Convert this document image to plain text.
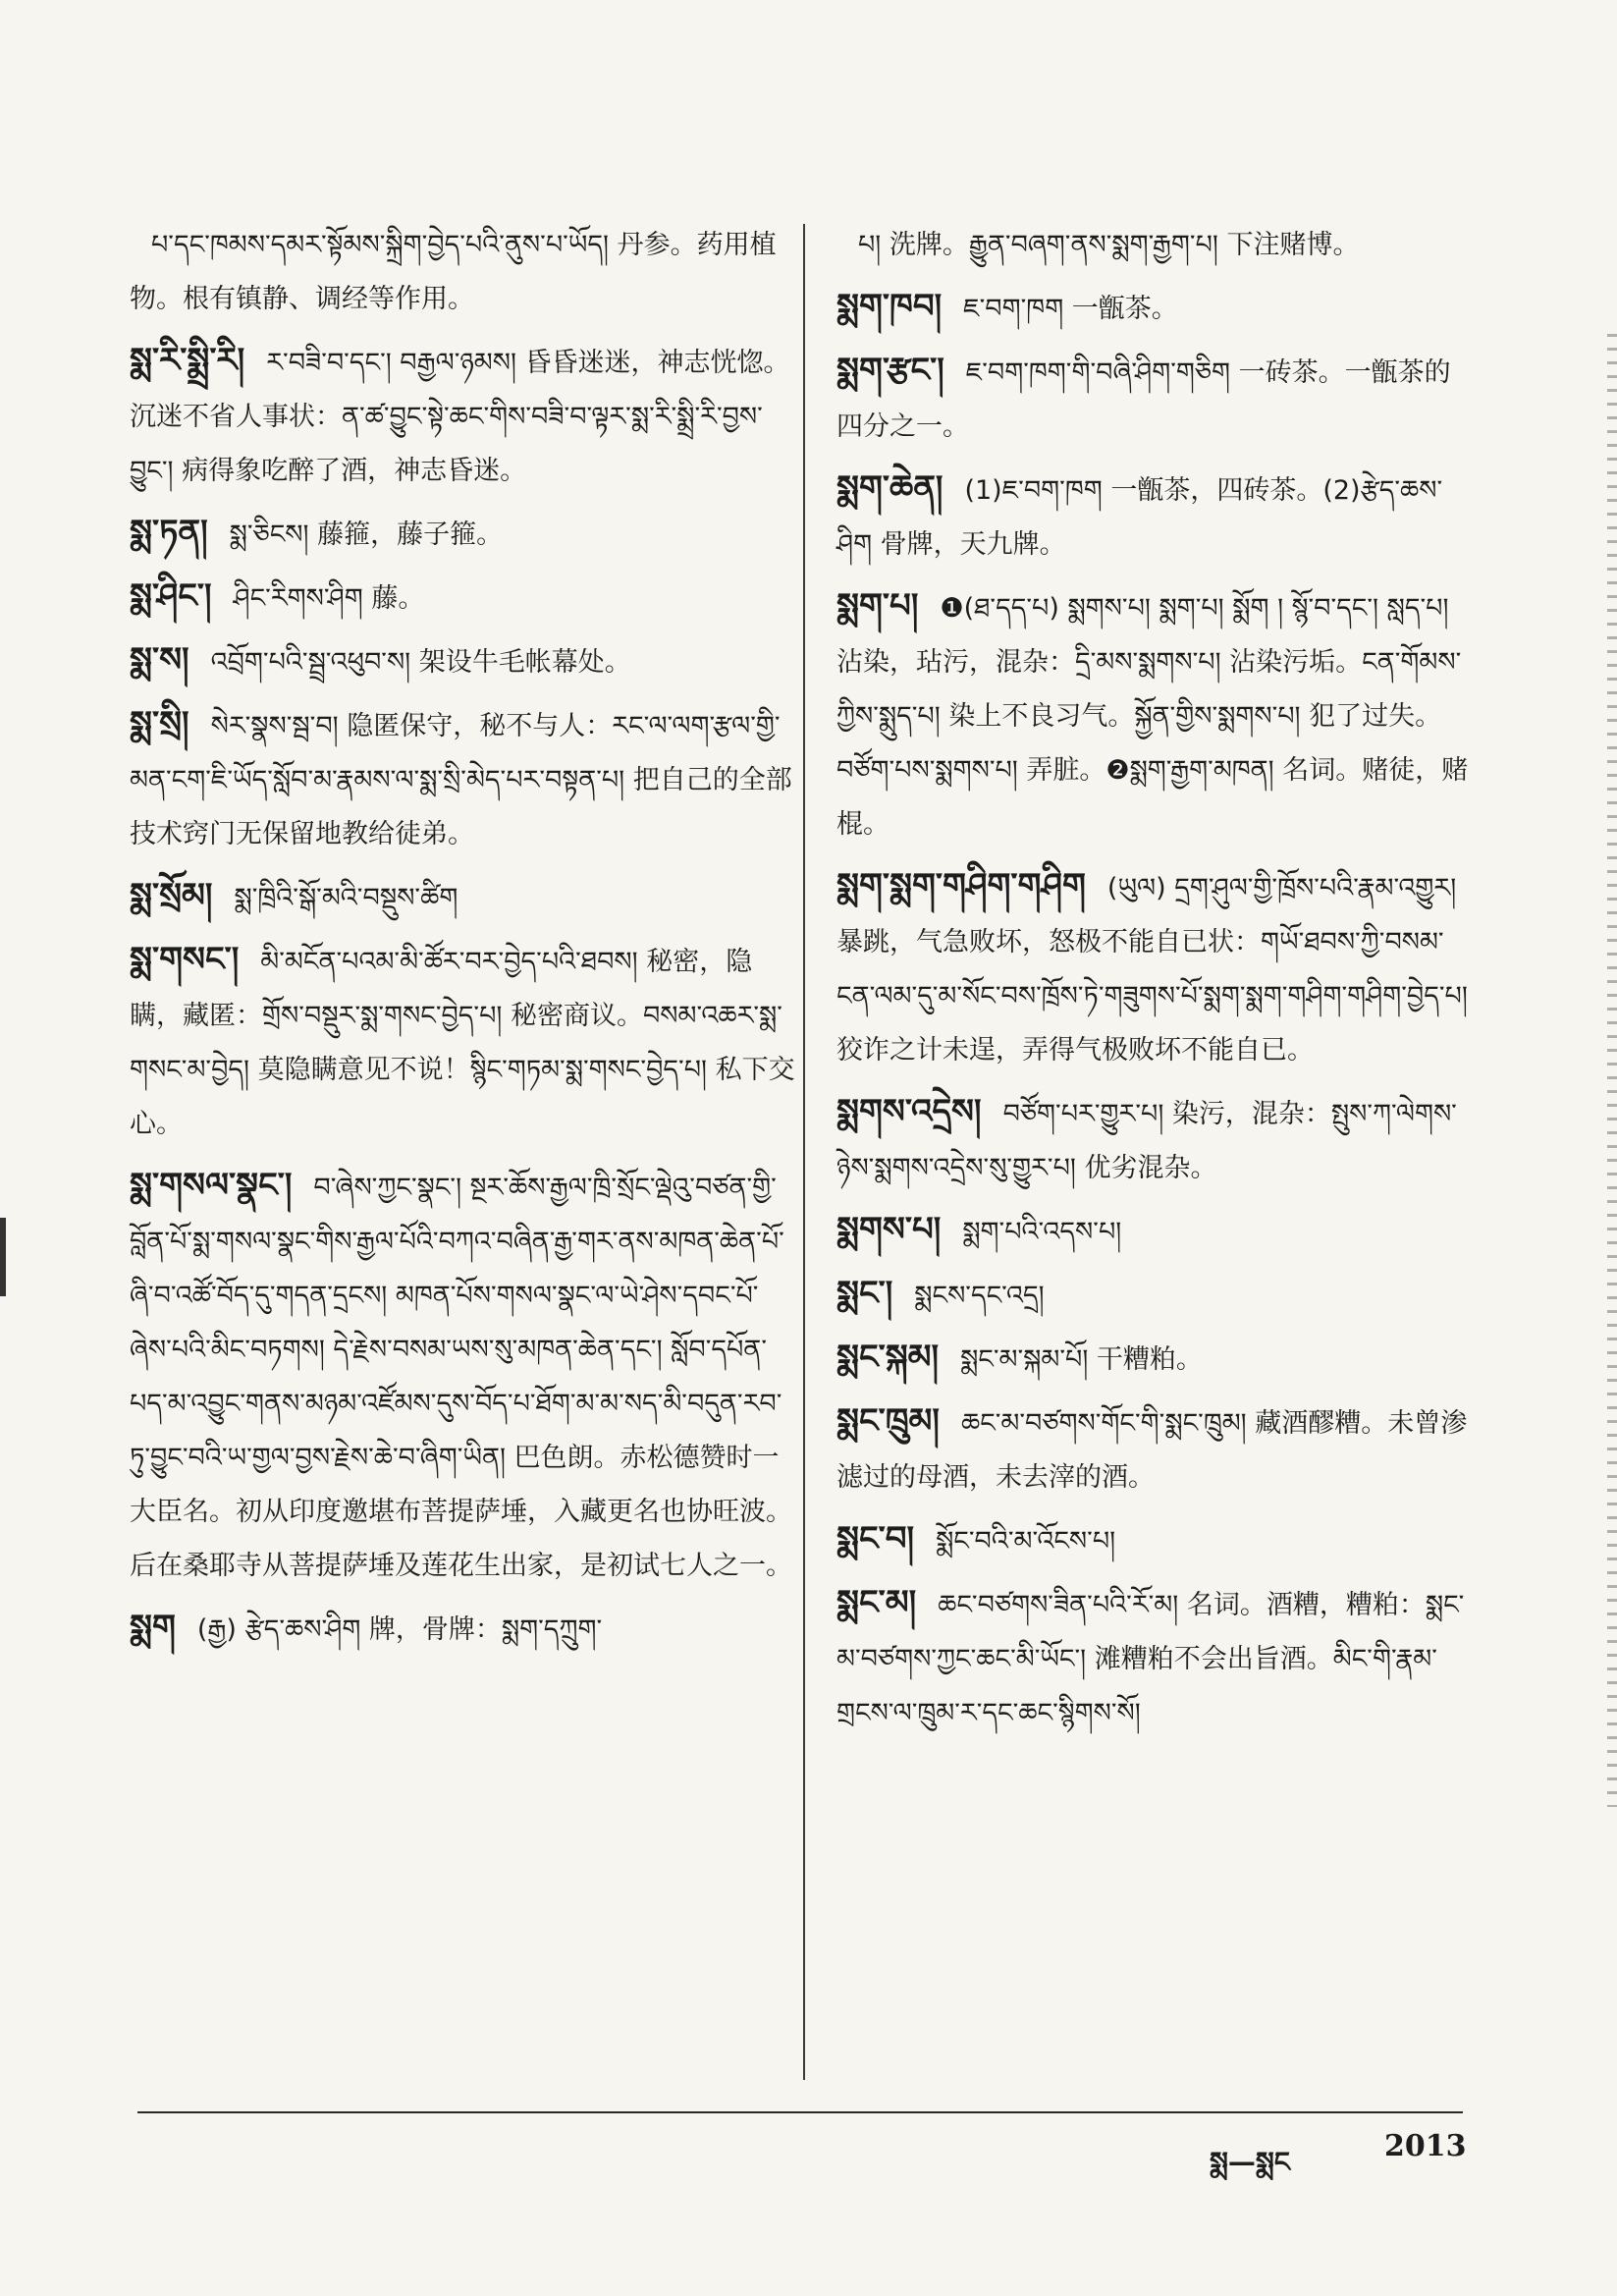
པ་དང་ཁམས་དམར་སྟོམས་སྐྲིག་བྱེད་པའི་ནུས་པ་ཡོད། 丹参。药用植物。根有镇静、调经等作用。
སྨ་རི་སྨྲི་རི། ར་བཟི་བ་དང་། བརྒྱལ་ཉམས། 昏昏迷迷，神志恍惚。沉迷不省人事状：ན་ཚ་བྱུང་སྟེ་ཆང་གིས་བཟི་བ་ལྟར་སྨ་རི་སྨྲི་རི་བྱས་བྱུང་། 病得象吃醉了酒，神志昏迷。
སྨ་ཏན། སྨ་ཅིངས། 藤箍，藤子箍。
སྨ་ཤིང་། ཤིང་རིགས་ཤིག 藤。
སྨ་ས། འབྲོག་པའི་སྦྲ་འཕུབ་ས། 架设牛毛帐幕处。
སྨ་སྲི། སེར་སྣས་སྦ་བ། 隐匿保守，秘不与人：རང་ལ་ལག་རྩལ་གྱི་མན་ངག་ཇི་ཡོད་སློབ་མ་རྣམས་ལ་སྨ་སྲི་མེད་པར་བསྟན་པ། 把自己的全部技术窍门无保留地教给徒弟。
སྨ་སྲོམ། སྨ་ཁྲིའི་སྒོ་མའི་བསྡུས་ཚིག
སྨ་གསང་། མི་མངོན་པའམ་མི་ཚོར་བར་བྱེད་པའི་ཐབས། 秘密，隐瞒，藏匿：གྲོས་བསྡུར་སྨ་གསང་བྱེད་པ། 秘密商议。བསམ་འཆར་སྨ་གསང་མ་བྱེད། 莫隐瞒意见不说！སྙིང་གཏམ་སྨ་གསང་བྱེད་པ། 私下交心。
སྨ་གསལ་སྣང་། བ་ཞེས་ཀྱང་སྣང་། སྔར་ཆོས་རྒྱལ་ཁྲི་སྲོང་ལྡེའུ་བཙན་གྱི་བློན་པོ་སྨ་གསལ་སྣང་གིས་རྒྱལ་པོའི་བཀའ་བཞིན་རྒྱ་གར་ནས་མཁན་ཆེན་པོ་ཞི་བ་འཚོ་བོད་དུ་གདན་དྲངས། མཁན་པོས་གསལ་སྣང་ལ་ཡེ་ཤེས་དབང་པོ་ཞེས་པའི་མིང་བཏགས། དེ་རྗེས་བསམ་ཡས་སུ་མཁན་ཆེན་དང་། སློབ་དཔོན་པད་མ་འབྱུང་གནས་མཉམ་འཛོམས་དུས་བོད་པ་ཐོག་མ་མ་སད་མི་བདུན་རབ་ཏུ་བྱུང་བའི་ཡ་གྱལ་བྱས་རྗེས་ཆེ་བ་ཞིག་ཡིན། 巴色朗。赤松德赞时一大臣名。初从印度邀堪布菩提萨埵，入藏更名也协旺波。后在桑耶寺从菩提萨埵及莲花生出家，是初试七人之一。
སྨག (རྒྱ) རྩེད་ཆས་ཤིག 牌，骨牌：སྨག་དཀྲུག་
པ། 洗牌。རྒྱུན་བཞག་ནས་སྨག་རྒྱག་པ། 下注赌博。
སྨག་ཁབ། ཇ་བག་ཁག 一甑茶。
སྨག་རྩང་། ཇ་བག་ཁག་གི་བཞི་ཤིག་གཅིག 一砖茶。一甑茶的四分之一。
སྨག་ཆེན། (1)ཇ་བག་ཁག 一甑茶，四砖茶。(2)རྩེད་ཆས་ཤིག 骨牌，天九牌。
སྨག་པ། ❶(ཐ་དད་པ) སྨགས་པ། སྨག་པ། སྨོག ། སྙོ་བ་དང་། སླད་པ། 沾染，玷污，混杂：དྲི་མས་སྨགས་པ། 沾染污垢。ངན་གོམས་ཀྱིས་སྨུད་པ། 染上不良习气。སྐྱོན་གྱིས་སྨགས་པ། 犯了过失。བཙོག་པས་སྨགས་པ། 弄脏。❷སྨག་རྒྱག་མཁན། 名词。赌徒，赌棍。
སྨག་སྨག་གཤིག་གཤིག (ཡུལ) དྲག་ཤུལ་གྱི་ཁྲོས་པའི་རྣམ་འགྱུར། 暴跳，气急败坏，怒极不能自已状：གཡོ་ཐབས་ཀྱི་བསམ་ངན་ལམ་དུ་མ་སོང་བས་ཁྲོས་ཏེ་གཟུགས་པོ་སྨག་སྨག་གཤིག་གཤིག་བྱེད་པ། 狡诈之计未逞，弄得气极败坏不能自已。
སྨགས་འདྲེས། བཙོག་པར་གྱུར་པ། 染污，混杂：སྤུས་ཀ་ལེགས་ཉེས་སྨགས་འདྲེས་སུ་གྱུར་པ། 优劣混杂。
སྨགས་པ། སྨག་པའི་འདས་པ།
སྨང་། སྨངས་དང་འདྲ།
སྨང་སྐམ། སྨང་མ་སྐམ་པོ། 干糟粕。
སྨང་ཁྲུམ། ཆང་མ་བཙགས་གོང་གི་སྨང་ཁྲུམ། 藏酒醪糟。未曾渗滤过的母酒，未去滓的酒。
སྨང་བ། སྨོང་བའི་མ་འོངས་པ།
སྨང་མ། ཆང་བཙགས་ཟིན་པའི་རོ་མ། 名词。酒糟，糟粕：སྨང་མ་བཙགས་ཀྱང་ཆང་མི་ཡོང་། 滩糟粕不会出旨酒。མིང་གི་རྣམ་གྲངས་ལ་ཁྲུམ་ར་དང་ཆང་སྙིགས་སོ།
སྨ—སྨང	2013
